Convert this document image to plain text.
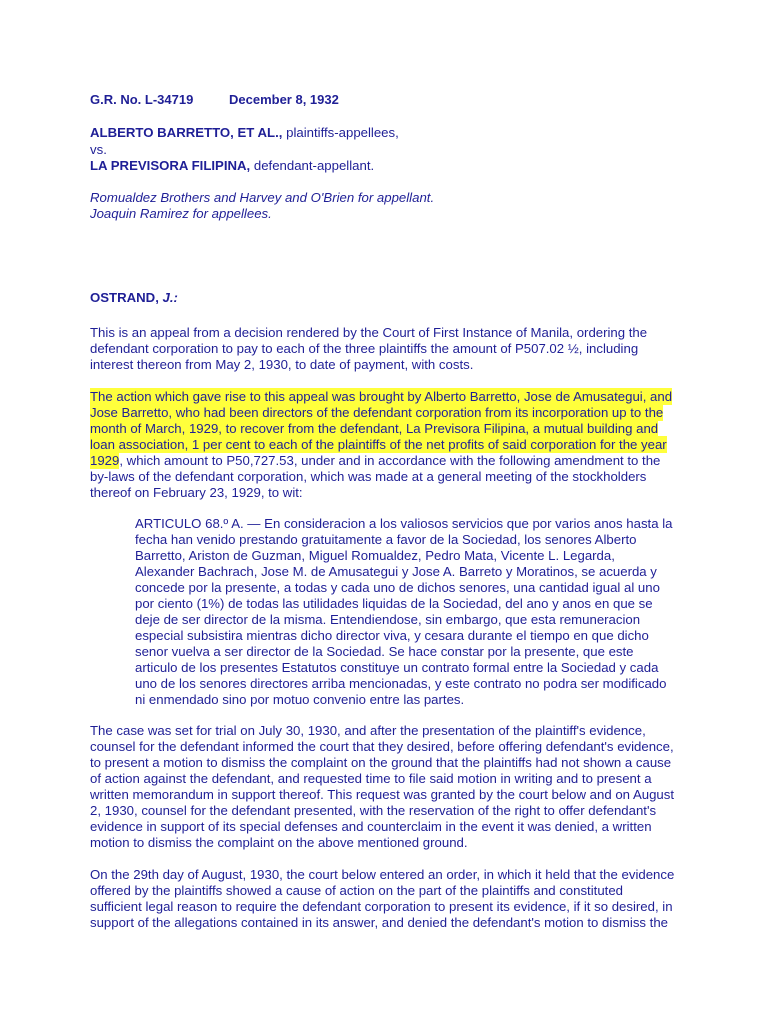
G.R. No. L-34719	December 8, 1932
ALBERTO BARRETTO, ET AL., plaintiffs-appellees,
vs.
LA PREVISORA FILIPINA, defendant-appellant.
Romualdez Brothers and Harvey and O'Brien for appellant.
Joaquin Ramirez for appellees.
OSTRAND, J.:
This is an appeal from a decision rendered by the Court of First Instance of Manila, ordering the
defendant corporation to pay to each of the three plaintiffs the amount of P507.02 ½, including
interest thereon from May 2, 1930, to date of payment, with costs.
The action which gave rise to this appeal was brought by Alberto Barretto, Jose de Amusategui, and
Jose Barretto, who had been directors of the defendant corporation from its incorporation up to the
month of March, 1929, to recover from the defendant, La Previsora Filipina, a mutual building and
loan association, 1 per cent to each of the plaintiffs of the net profits of said corporation for the year
1929, which amount to P50,727.53, under and in accordance with the following amendment to the
by-laws of the defendant corporation, which was made at a general meeting of the stockholders
thereof on February 23, 1929, to wit:
ARTICULO 68.º A. — En consideracion a los valiosos servicios que por varios anos hasta la
fecha han venido prestando gratuitamente a favor de la Sociedad, los senores Alberto
Barretto, Ariston de Guzman, Miguel Romualdez, Pedro Mata, Vicente L. Legarda,
Alexander Bachrach, Jose M. de Amusategui y Jose A. Barreto y Moratinos, se acuerda y
concede por la presente, a todas y cada uno de dichos senores, una cantidad igual al uno
por ciento (1%) de todas las utilidades liquidas de la Sociedad, del ano y anos en que se
deje de ser director de la misma. Entendiendose, sin embargo, que esta remuneracion
especial subsistira mientras dicho director viva, y cesara durante el tiempo en que dicho
senor vuelva a ser director de la Sociedad. Se hace constar por la presente, que este
articulo de los presentes Estatutos constituye un contrato formal entre la Sociedad y cada
uno de los senores directores arriba mencionadas, y este contrato no podra ser modificado
ni enmendado sino por motuo convenio entre las partes.
The case was set for trial on July 30, 1930, and after the presentation of the plaintiff's evidence,
counsel for the defendant informed the court that they desired, before offering defendant's evidence,
to present a motion to dismiss the complaint on the ground that the plaintiffs had not shown a cause
of action against the defendant, and requested time to file said motion in writing and to present a
written memorandum in support thereof. This request was granted by the court below and on August
2, 1930, counsel for the defendant presented, with the reservation of the right to offer defendant's
evidence in support of its special defenses and counterclaim in the event it was denied, a written
motion to dismiss the complaint on the above mentioned ground.
On the 29th day of August, 1930, the court below entered an order, in which it held that the evidence
offered by the plaintiffs showed a cause of action on the part of the plaintiffs and constituted
sufficient legal reason to require the defendant corporation to present its evidence, if it so desired, in
support of the allegations contained in its answer, and denied the defendant's motion to dismiss the
